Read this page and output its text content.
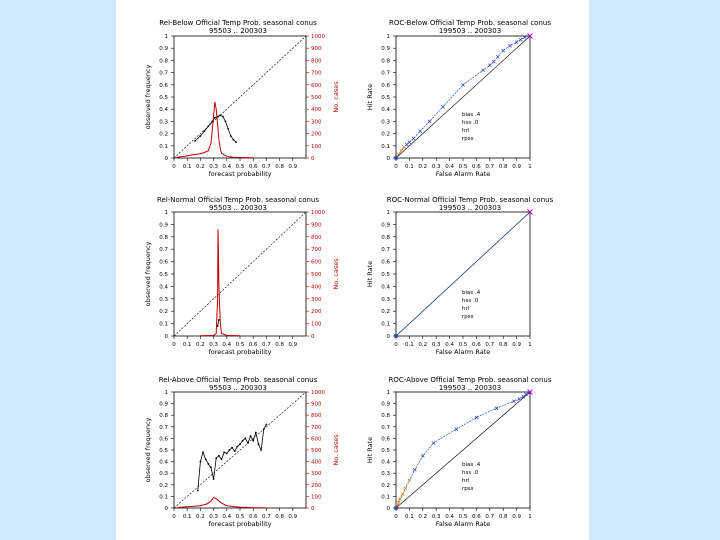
Rel-Below Official Temp Prob. seasonal conus
95503 .. 200303
0
0.1
0.2
0.3
0.4
0.5
0.6
0.7
0.8
0.9
1
0 0.1 0.2 0.3 0.4 0.5 0.6 0.7 0.8 0.9
forecast probability
observed frequency
0
100
200
300
400
500
600
700
800
900
1000
No. cases
ROC-Below Official Temp Prob. seasonal conus
199503 .. 200303
0
0.1
0.2
0.3
0.4
0.5
0.6
0.7
0.8
0.9
1
0 0.1 0.2 0.3 0.4 0.5 0.6 0.7 0.8 0.9 1
False Alarm Rate
Hit Rate
bias .4
hss .0
hrl
rpss
Rel-Normal Official Temp Prob. seasonal conus
95503 .. 200303
0
0.1
0.2
0.3
0.4
0.5
0.6
0.7
0.8
0.9
1
0 0.1 0.2 0.3 0.4 0.5 0.6 0.7 0.8 0.9
forecast probability
observed frequency
0
100
200
300
400
500
600
700
800
900
1000
No. cases
ROC-Normal Official Temp Prob. seasonal conus
199503 .. 200303
0
0.1
0.2
0.3
0.4
0.5
0.6
0.7
0.8
0.9
1
0 0.1 0.2 0.3 0.4 0.5 0.6 0.7 0.8 0.9 1
False Alarm Rate
Hit Rate
bias .4
hss .0
hrl
rpss
Rel-Above Official Temp Prob. seasonal conus
95503 .. 200303
0
0.1
0.2
0.3
0.4
0.5
0.6
0.7
0.8
0.9
1
0 0.1 0.2 0.3 0.4 0.5 0.6 0.7 0.8 0.9
forecast probability
observed frequency
0
100
200
300
400
500
600
700
800
900
1000
No. cases
ROC-Above Official Temp Prob. seasonal conus
199503 .. 200303
0
0.1
0.2
0.3
0.4
0.5
0.6
0.7
0.8
0.9
1
0 0.1 0.2 0.3 0.4 0.5 0.6 0.7 0.8 0.9 1
False Alarm Rate
Hit Rate
bias .4
hss .0
hrl
rpss
